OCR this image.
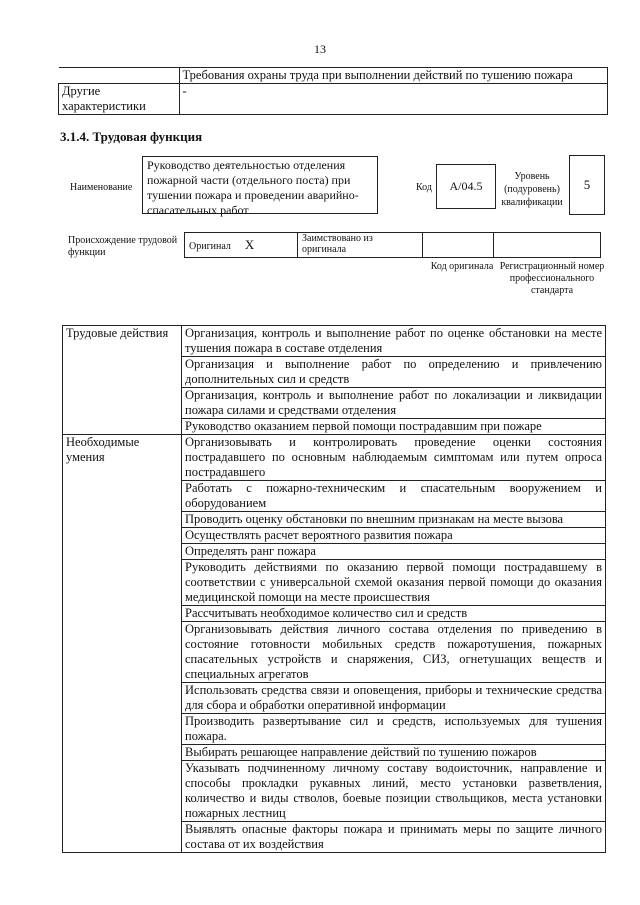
13
	Требования охраны труда при выполнении действий по тушению пожара
Другие характеристики	-
3.1.4. Трудовая функция
Наименование
Руководство деятельностью отделения пожарной части (отдельного поста) при тушении пожара и проведении аварийно-спасательных работ
Код	A/04.5
Уровень (подуровень) квалификации
5
Происхождение трудовой функции
Оригинал X	Заимствовано из оригинала		
Код оригинала Регистрационный номер профессионального стандарта
Трудовые действия	Организация, контроль и выполнение работ по оценке обстановки на месте тушения пожара в составе отделения
	Организация и выполнение работ по определению и привлечению дополнительных сил и средств
	Организация, контроль и выполнение работ по локализации и ликвидации пожара силами и средствами отделения
	Руководство оказанием первой помощи пострадавшим при пожаре
Необходимые умения	Организовывать и контролировать проведение оценки состояния пострадавшего по основным наблюдаемым симптомам или путем опроса пострадавшего
	Работать с пожарно-техническим и спасательным вооружением и оборудованием
	Проводить оценку обстановки по внешним признакам на месте вызова
	Осуществлять расчет вероятного развития пожара
	Определять ранг пожара
	Руководить действиями по оказанию первой помощи пострадавшему в соответствии с универсальной схемой оказания первой помощи до оказания медицинской помощи на месте происшествия
	Рассчитывать необходимое количество сил и средств
	Организовывать действия личного состава отделения по приведению в состояние готовности мобильных средств пожаротушения, пожарных спасательных устройств и снаряжения, СИЗ, огнетушащих веществ и специальных агрегатов
	Использовать средства связи и оповещения, приборы и технические средства для сбора и обработки оперативной информации
	Производить развертывание сил и средств, используемых для тушения пожара.
	Выбирать решающее направление действий по тушению пожаров
	Указывать подчиненному личному составу водоисточник, направление и способы прокладки рукавных линий, место установки разветвления, количество и виды стволов, боевые позиции ствольщиков, места установки пожарных лестниц
	Выявлять опасные факторы пожара и принимать меры по защите личного состава от их воздействия
